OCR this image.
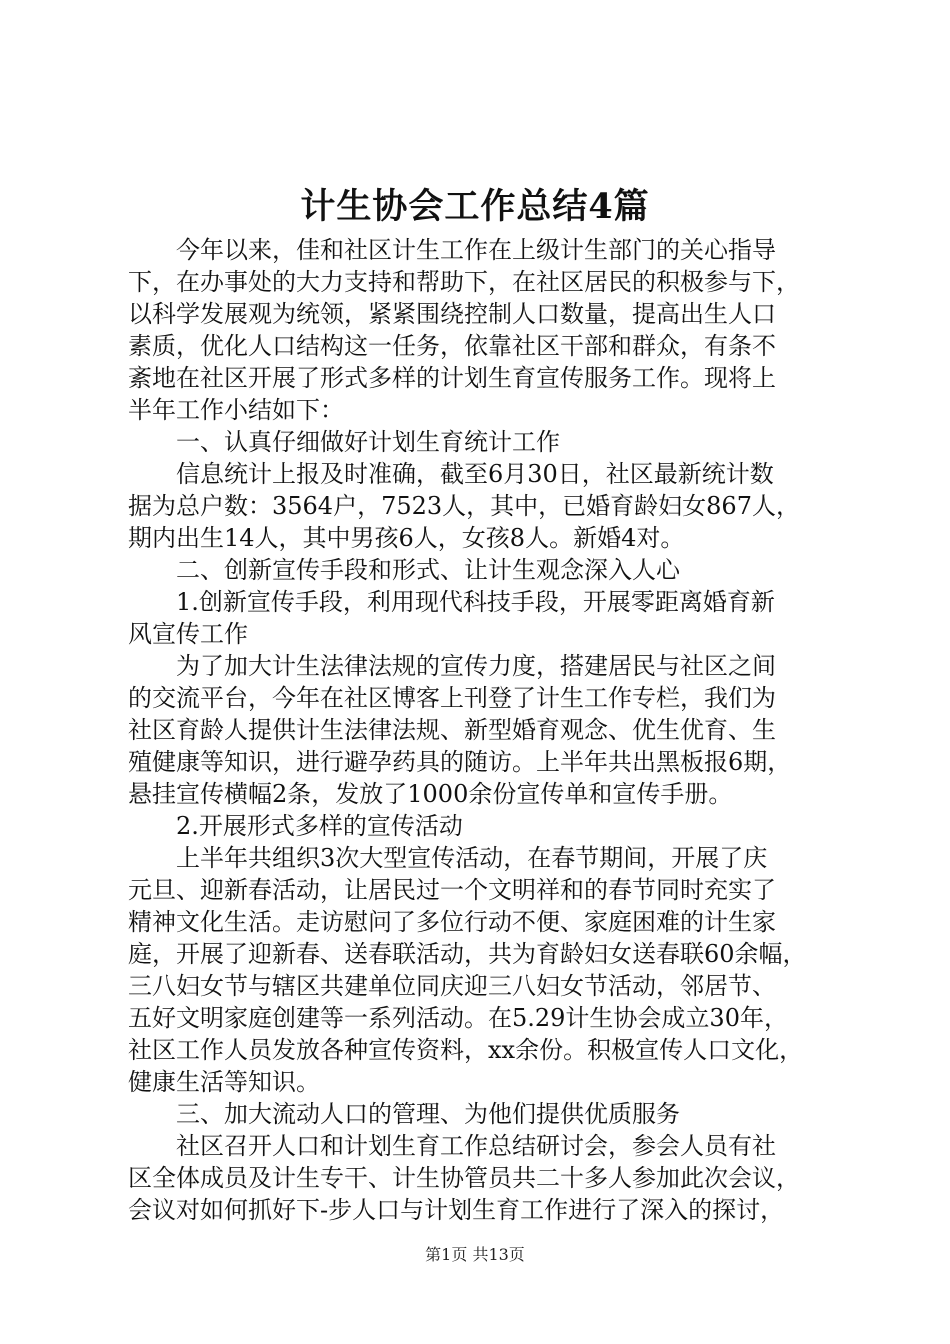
计生协会工作总结4篇
　　今年以来，佳和社区计生工作在上级计生部门的关心指导
下，在办事处的大力支持和帮助下，在社区居民的积极参与下，
以科学发展观为统领，紧紧围绕控制人口数量，提高出生人口
素质，优化人口结构这一任务，依靠社区干部和群众，有条不
紊地在社区开展了形式多样的计划生育宣传服务工作。现将上
半年工作小结如下：
　　一、认真仔细做好计划生育统计工作
　　信息统计上报及时准确，截至6月30日，社区最新统计数
据为总户数：3564户，7523人，其中，已婚育龄妇女867人，
期内出生14人，其中男孩6人，女孩8人。新婚4对。
　　二、创新宣传手段和形式、让计生观念深入人心
　　1.创新宣传手段，利用现代科技手段，开展零距离婚育新
风宣传工作
　　为了加大计生法律法规的宣传力度，搭建居民与社区之间
的交流平台，今年在社区博客上刊登了计生工作专栏，我们为
社区育龄人提供计生法律法规、新型婚育观念、优生优育、生
殖健康等知识，进行避孕药具的随访。上半年共出黑板报6期，
悬挂宣传横幅2条，发放了1000余份宣传单和宣传手册。
　　2.开展形式多样的宣传活动
　　上半年共组织3次大型宣传活动，在春节期间，开展了庆
元旦、迎新春活动，让居民过一个文明祥和的春节同时充实了
精神文化生活。走访慰问了多位行动不便、家庭困难的计生家
庭，开展了迎新春、送春联活动，共为育龄妇女送春联60余幅，
三八妇女节与辖区共建单位同庆迎三八妇女节活动，邻居节、
五好文明家庭创建等一系列活动。在5.29计生协会成立30年，
社区工作人员发放各种宣传资料，xx余份。积极宣传人口文化，
健康生活等知识。
　　三、加大流动人口的管理、为他们提供优质服务
　　社区召开人口和计划生育工作总结研讨会，参会人员有社
区全体成员及计生专干、计生协管员共二十多人参加此次会议，
会议对如何抓好下-步人口与计划生育工作进行了深入的探讨，
第1页 共13页
